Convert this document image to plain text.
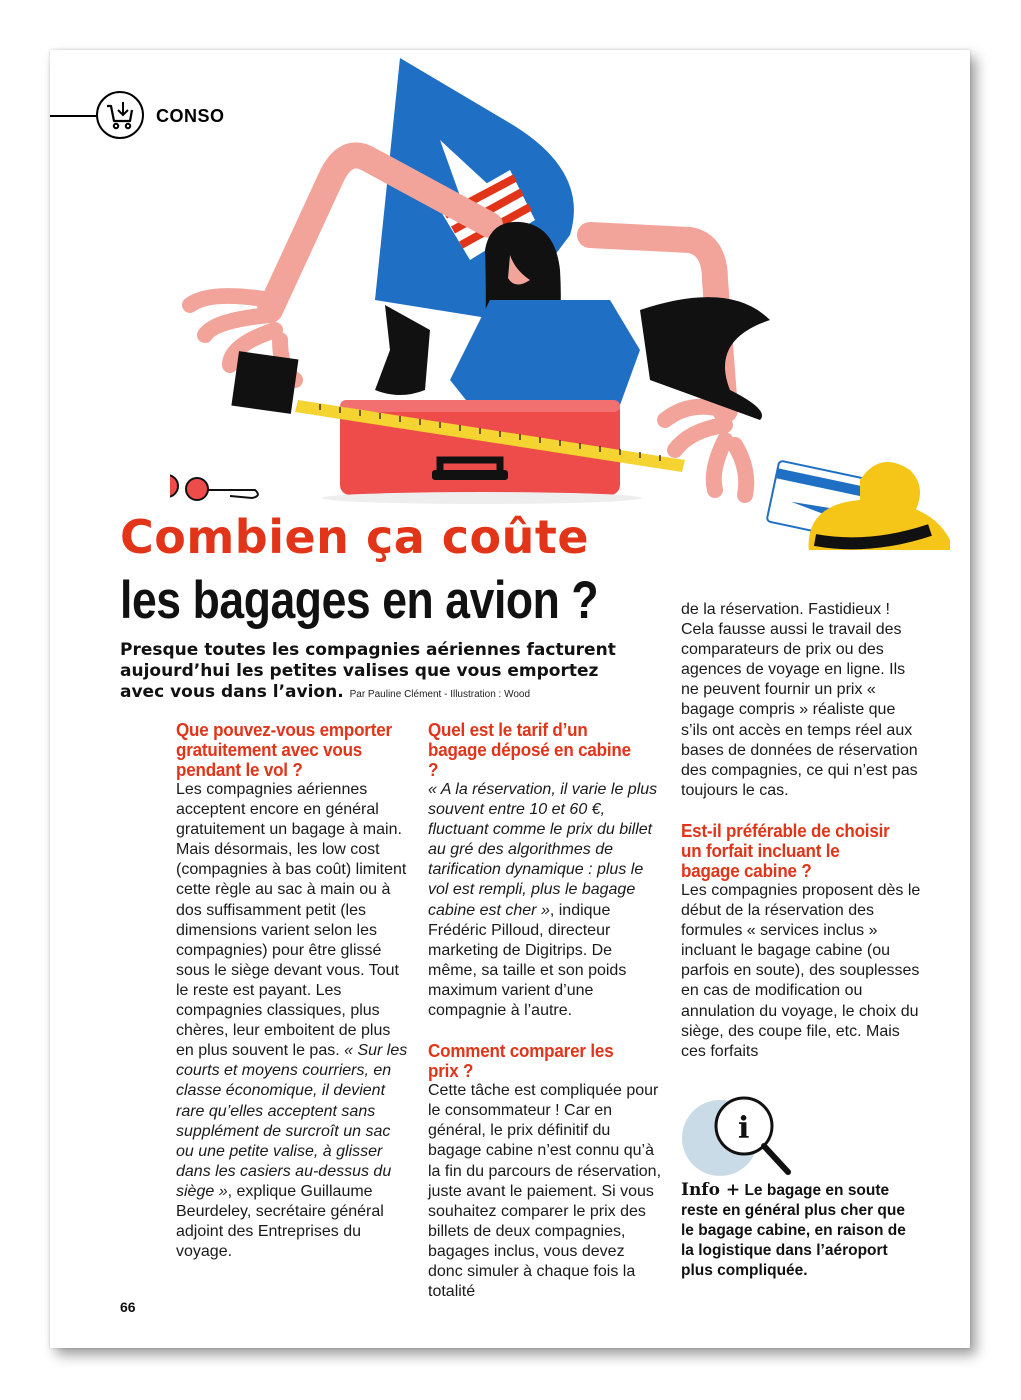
CONSO
Combien ça coûte
les bagages en avion ?
Presque toutes les compagnies aériennes facturent aujourd’hui les petites valises que vous emportez avec vous dans l’avion. Par Pauline Clément - Illustration : Wood
Que pouvez-vous emporter gratuitement avec vous pendant le vol ?

Les compagnies aériennes acceptent encore en général gratuitement un bagage à main. Mais désormais, les low cost (compagnies à bas coût) limitent cette règle au sac à main ou à dos suffisamment petit (les dimensions varient selon les compagnies) pour être glissé sous le siège devant vous. Tout le reste est payant. Les compagnies classiques, plus chères, leur emboitent de plus en plus souvent le pas. « Sur les courts et moyens courriers, en classe économique, il devient rare qu’elles acceptent sans supplément de surcroît un sac ou une petite valise, à glisser dans les casiers au-dessus du siège », explique Guillaume Beurdeley, secrétaire général adjoint des Entreprises du voyage.

Quel est le tarif d’un bagage déposé en cabine ?

« A la réservation, il varie le plus souvent entre 10 et 60 €, fluctuant comme le prix du billet au gré des algorithmes de tarification dynamique : plus le vol est rempli, plus le bagage cabine est cher », indique Frédéric Pilloud, directeur marketing de Digitrips. De même, sa taille et son poids maximum varient d’une compagnie à l’autre.

Comment comparer les prix ?

Cette tâche est compliquée pour le consommateur ! Car en général, le prix définitif du bagage cabine n’est connu qu’à la fin du parcours de réservation, juste avant le paiement. Si vous souhaitez comparer le prix des billets de deux compagnies, bagages inclus, vous devez donc simuler à chaque fois la totalité

de la réservation. Fastidieux ! Cela fausse aussi le travail des comparateurs de prix ou des agences de voyage en ligne. Ils ne peuvent fournir un prix « bagage compris » réaliste que s’ils ont accès en temps réel aux bases de données de réservation des compagnies, ce qui n’est pas toujours le cas.

Est-il préférable de choisir un forfait incluant le bagage cabine ?

Les compagnies proposent dès le début de la réservation des formules « services inclus » incluant le bagage cabine (ou parfois en soute), des souplesses en cas de modification ou annulation du voyage, le choix du siège, des coupe file, etc. Mais ces forfaits

i
Info + Le bagage en soute reste en général plus cher que le bagage cabine, en raison de la logistique dans l’aéroport plus compliquée.
66
